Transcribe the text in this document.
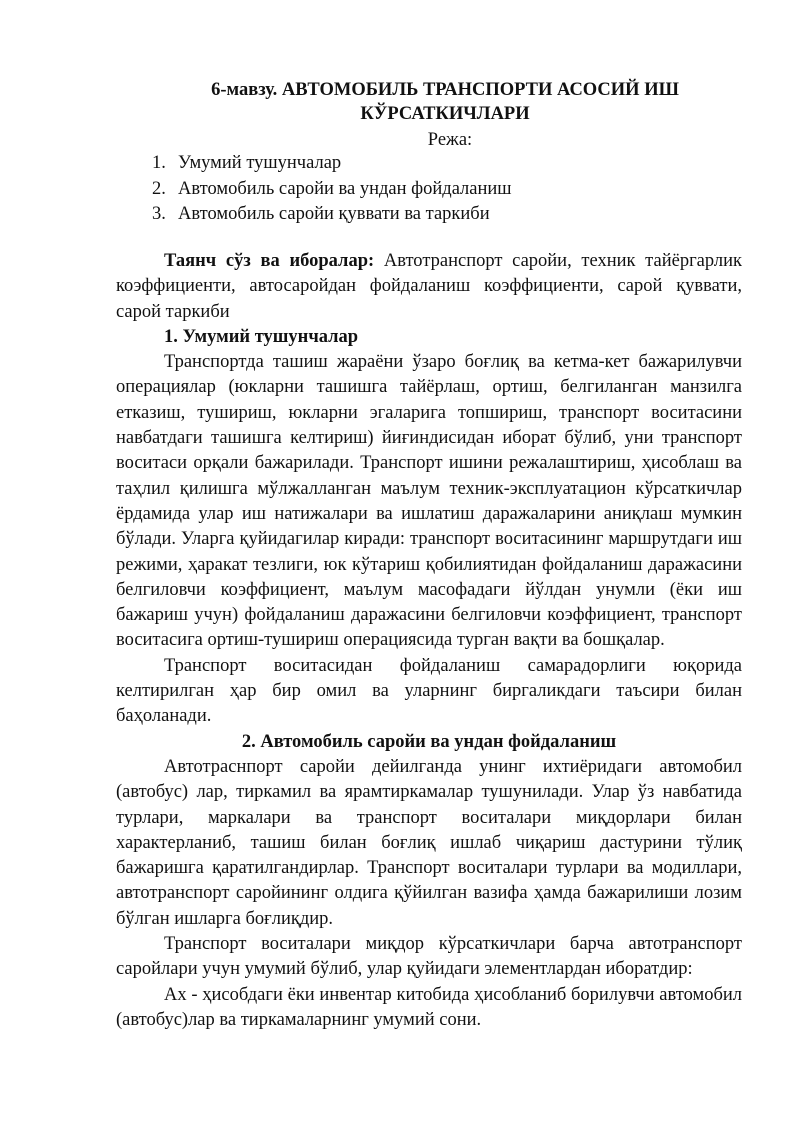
6-мавзу. АВТОМОБИЛЬ ТРАНСПОРТИ АСОСИЙ ИШ
КЎРСАТКИЧЛАРИ
Режа:
1. Умумий тушунчалар
2. Автомобиль саройи ва ундан фойдаланиш
3. Автомобиль саройи қуввати ва таркиби

Таянч сўз ва иборалар: Автотранспорт саройи, техник тайёргарлик коэффициенти, автосаройдан фойдаланиш коэффициенти, сарой қуввати, сарой таркиби

1. Умумий тушунчалар

Транспортда ташиш жараёни ўзаро боғлиқ ва кетма-кет бажарилувчи операциялар (юкларни ташишга тайёрлаш, ортиш, белгиланган манзилга етказиш, тушириш, юкларни эгаларига топшириш, транспорт воситасини навбатдаги ташишга келтириш) йиғиндисидан иборат бўлиб, уни транспорт воситаси орқали бажарилади. Транспорт ишини режалаштириш, ҳисоблаш ва таҳлил қилишга мўлжалланган маълум техник-эксплуатацион кўрсаткичлар ёрдамида улар иш натижалари ва ишлатиш даражаларини аниқлаш мумкин бўлади. Уларга қуйидагилар киради: транспорт воситасининг маршрутдаги иш режими, ҳаракат тезлиги, юк кўтариш қобилиятидан фойдаланиш даражасини белгиловчи коэффициент, маълум масофадаги йўлдан унумли (ёки иш бажариш учун) фойдаланиш даражасини белгиловчи коэффициент, транспорт воситасига ортиш-тушириш операциясида турган вақти ва бошқалар.

Транспорт воситасидан фойдаланиш самарадорлиги юқорида келтирилган ҳар бир омил ва уларнинг биргаликдаги таъсири билан баҳоланади.

2. Автомобиль саройи ва ундан фойдаланиш

Автотраснпорт саройи дейилганда унинг ихтиёридаги автомобил (автобус) лар, тиркамил ва ярамтиркамалар тушунилади. Улар ўз навбатида турлари, маркалари ва транспорт воситалари миқдорлари билан характерланиб, ташиш билан боғлиқ ишлаб чиқариш дастурини тўлиқ бажаришга қаратилгандирлар. Транспорт воситалари турлари ва модиллари, автотранспорт саройининг олдига қўйилган вазифа ҳамда бажарилиши лозим бўлган ишларга боғлиқдир.

Транспорт воситалари миқдор кўрсаткичлари барча автотранспорт саройлари учун умумий бўлиб, улар қуйидаги элементлардан иборатдир:

Ах - ҳисобдаги ёки инвентар китобида ҳисобланиб борилувчи автомобил (автобус)лар ва тиркамаларнинг умумий сони.
